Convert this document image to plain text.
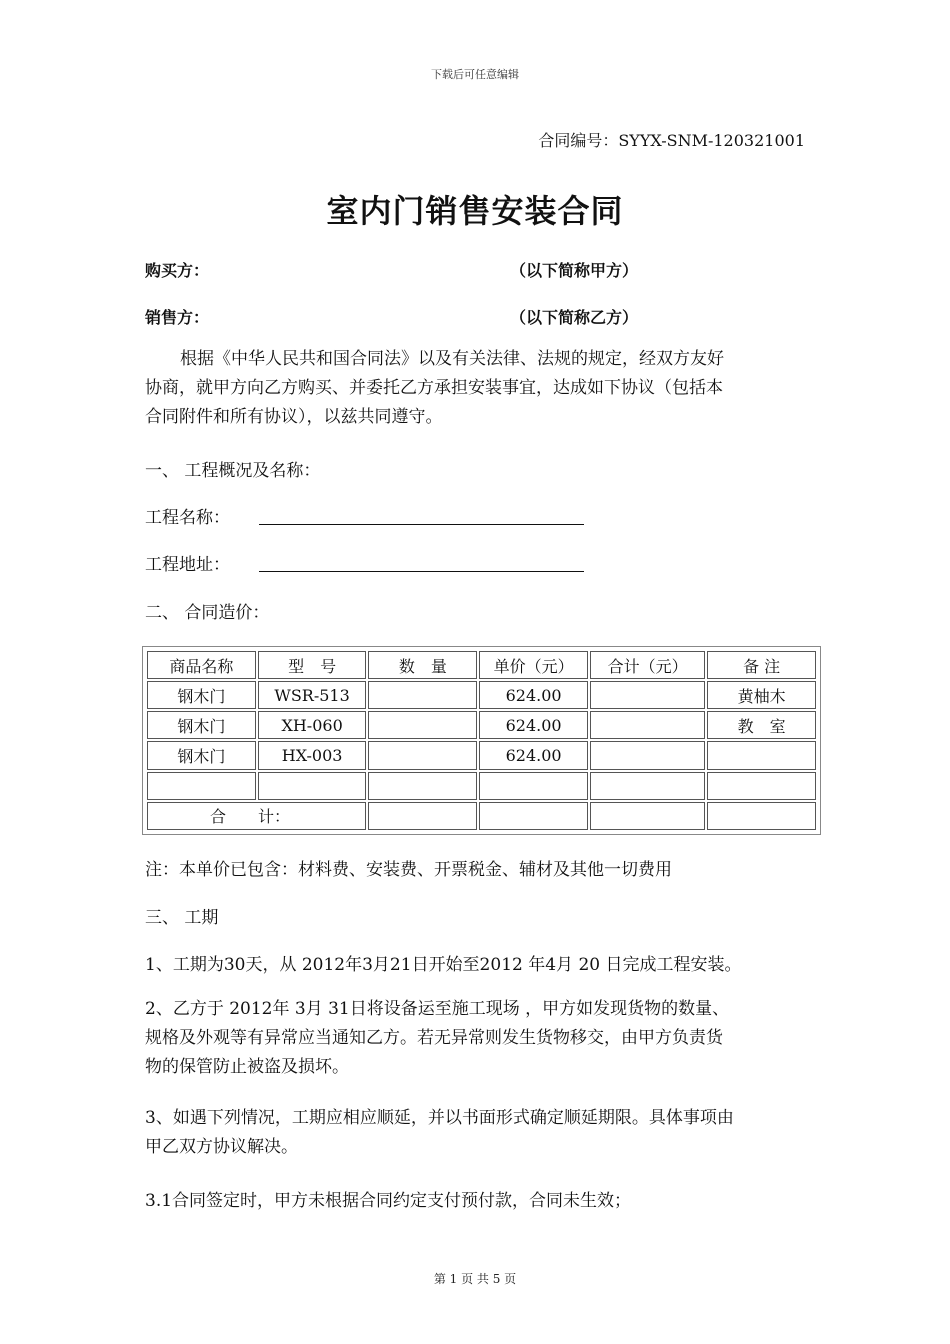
下载后可任意编辑
合同编号：SYYX-SNM-120321001
室内门销售安装合同
购买方：	（以下简称甲方）
销售方：	（以下简称乙方）
根据《中华人民共和国合同法》以及有关法律、法规的规定，经双方友好
协商，就甲方向乙方购买、并委托乙方承担安装事宜，达成如下协议（包括本
合同附件和所有协议），以兹共同遵守。
一、 工程概况及名称：
工程名称：
工程地址：
二、 合同造价：
商品名称	型　号	数　量	单价（元）	合计（元）	备 注
钢木门	WSR-513		624.00		黄柚木
钢木门	XH-060		624.00		教　室
钢木门	HX-003		624.00		

合　　计：					
注：本单价已包含：材料费、安装费、开票税金、辅材及其他一切费用
三、 工期
1、工期为30天，从 2012年3月21日开始至2012 年4月 20 日完成工程安装。
2、乙方于 2012年 3月 31日将设备运至施工现场 ，甲方如发现货物的数量、
规格及外观等有异常应当通知乙方。若无异常则发生货物移交，由甲方负责货
物的保管防止被盗及损坏。
3、如遇下列情况，工期应相应顺延，并以书面形式确定顺延期限。具体事项由
甲乙双方协议解决。
3.1合同签定时，甲方未根据合同约定支付预付款，合同未生效；
第 1 页 共 5 页
